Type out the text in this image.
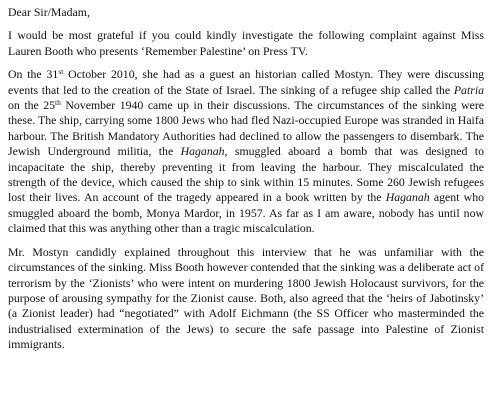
Dear Sir/Madam,
I would be most grateful if you could kindly investigate the following complaint against Miss Lauren Booth who presents ‘Remember Palestine’ on Press TV.
On the 31st October 2010, she had as a guest an historian called Mostyn. They were discussing events that led to the creation of the State of Israel. The sinking of a refugee ship called the Patria on the 25th November 1940 came up in their discussions. The circumstances of the sinking were these. The ship, carrying some 1800 Jews who had fled Nazi-occupied Europe was stranded in Haifa harbour. The British Mandatory Authorities had declined to allow the passengers to disembark. The Jewish Underground militia, the Haganah, smuggled aboard a bomb that was designed to incapacitate the ship, thereby preventing it from leaving the harbour. They miscalculated the strength of the device, which caused the ship to sink within 15 minutes. Some 260 Jewish refugees lost their lives. An account of the tragedy appeared in a book written by the Haganah agent who smuggled aboard the bomb, Monya Mardor, in 1957. As far as I am aware, nobody has until now claimed that this was anything other than a tragic miscalculation.
Mr. Mostyn candidly explained throughout this interview that he was unfamiliar with the circumstances of the sinking. Miss Booth however contended that the sinking was a deliberate act of terrorism by the ‘Zionists’ who were intent on murdering 1800 Jewish Holocaust survivors, for the purpose of arousing sympathy for the Zionist cause. Both, also agreed that the ‘heirs of Jabotinsky’ (a Zionist leader) had “negotiated” with Adolf Eichmann (the SS Officer who masterminded the industrialised extermination of the Jews) to secure the safe passage into Palestine of Zionist immigrants.
